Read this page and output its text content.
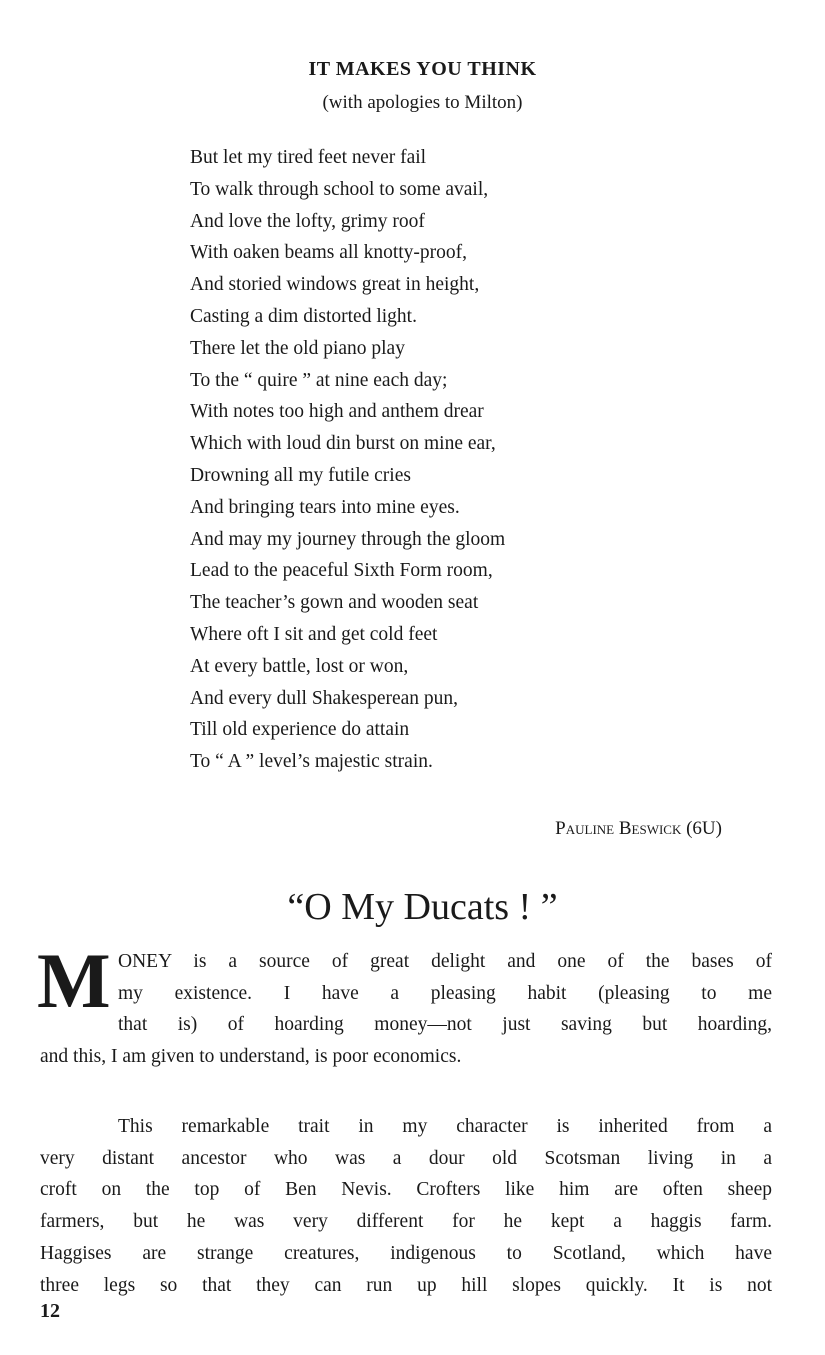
IT MAKES YOU THINK
(with apologies to Milton)
But let my tired feet never fail
To walk through school to some avail,
And love the lofty, grimy roof
With oaken beams all knotty-proof,
And storied windows great in height,
Casting a dim distorted light.
There let the old piano play
To the “ quire ” at nine each day;
With notes too high and anthem drear
Which with loud din burst on mine ear,
Drowning all my futile cries
And bringing tears into mine eyes.
And may my journey through the gloom
Lead to the peaceful Sixth Form room,
The teacher’s gown and wooden seat
Where oft I sit and get cold feet
At every battle, lost or won,
And every dull Shakesperean pun,
Till old experience do attain
To “ A ” level’s majestic strain.
Pauline Beswick (6U)
“O My Ducats ! ”
M ONEY is a source of great delight and one of the bases of
my existence. I have a pleasing habit (pleasing to me
that is) of hoarding money—not just saving but hoarding,
and this, I am given to understand, is poor economics.
This remarkable trait in my character is inherited from a
very distant ancestor who was a dour old Scotsman living in a
croft on the top of Ben Nevis. Crofters like him are often sheep
farmers, but he was very different for he kept a haggis farm.
Haggises are strange creatures, indigenous to Scotland, which have
three legs so that they can run up hill slopes quickly. It is not
12
